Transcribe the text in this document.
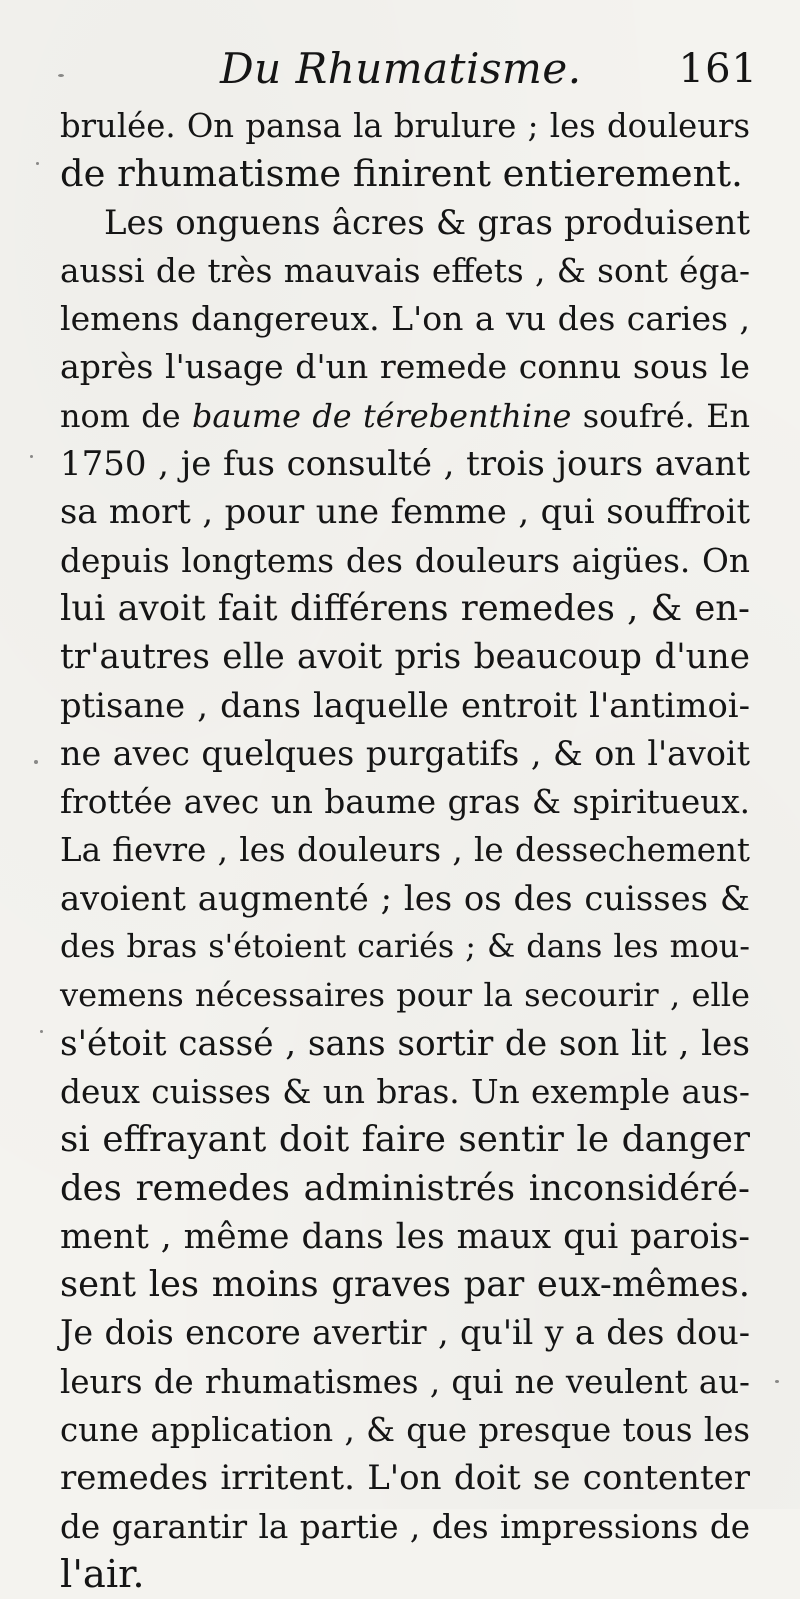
Du Rhumatisme. 161
brulée. On pansa la brulure ; les douleurs
de rhumatisme finirent entierement.
Les onguens âcres & gras produisent
aussi de très mauvais effets , & sont éga-
lemens dangereux. L'on a vu des caries ,
après l'usage d'un remede connu sous le
nom de baume de térebenthine soufré. En
1750 , je fus consulté , trois jours avant
sa mort , pour une femme , qui souffroit
depuis longtems des douleurs aigües. On
lui avoit fait différens remedes , & en-
tr'autres elle avoit pris beaucoup d'une
ptisane , dans laquelle entroit l'antimoi-
ne avec quelques purgatifs , & on l'avoit
frottée avec un baume gras & spiritueux.
La fievre , les douleurs , le dessechement
avoient augmenté ; les os des cuisses &
des bras s'étoient cariés ; & dans les mou-
vemens nécessaires pour la secourir , elle
s'étoit cassé , sans sortir de son lit , les
deux cuisses & un bras. Un exemple aus-
si effrayant doit faire sentir le danger
des remedes administrés inconsidéré-
ment , même dans les maux qui parois-
sent les moins graves par eux-mêmes.
Je dois encore avertir , qu'il y a des dou-
leurs de rhumatismes , qui ne veulent au-
cune application , & que presque tous les
remedes irritent. L'on doit se contenter
de garantir la partie , des impressions de
l'air.
